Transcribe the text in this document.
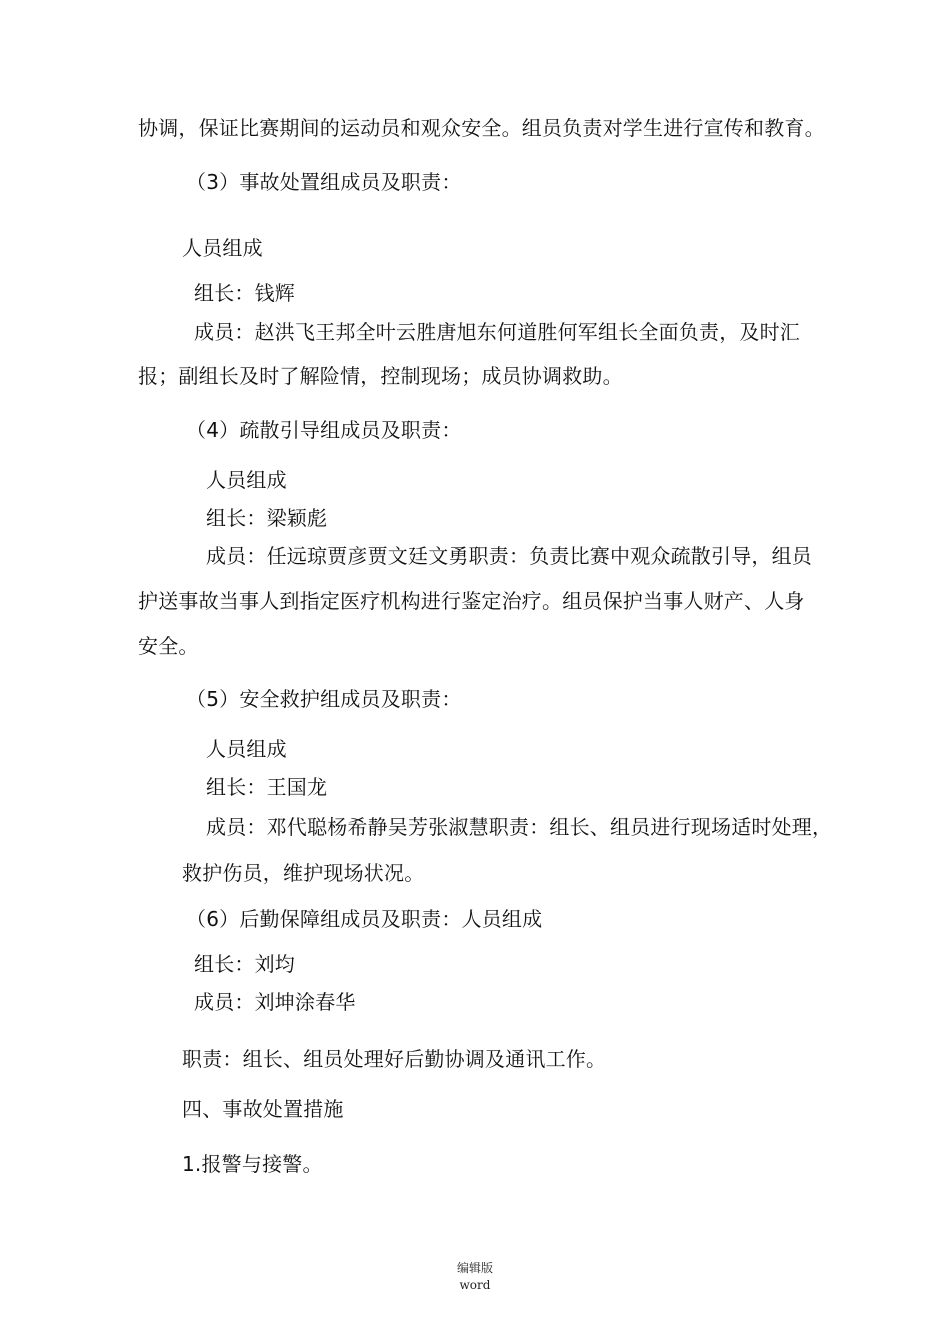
协调，保证比赛期间的运动员和观众安全。组员负责对学生进行宣传和教育。
（3）事故处置组成员及职责：
人员组成
组长：钱辉
成员：赵洪飞王邦全叶云胜唐旭东何道胜何军组长全面负责，及时汇
报；副组长及时了解险情，控制现场；成员协调救助。
（4）疏散引导组成员及职责：
人员组成
组长：梁颖彪
成员：任远琼贾彦贾文廷文勇职责：负责比赛中观众疏散引导，组员
护送事故当事人到指定医疗机构进行鉴定治疗。组员保护当事人财产、人身
安全。
（5）安全救护组成员及职责：
人员组成
组长：王国龙
成员：邓代聪杨希静吴芳张淑慧职责：组长、组员进行现场适时处理，
救护伤员，维护现场状况。
（6）后勤保障组成员及职责：人员组成
组长：刘均
成员：刘坤涂春华
职责：组长、组员处理好后勤协调及通讯工作。
四、事故处置措施
1.报警与接警。
编辑版
word
